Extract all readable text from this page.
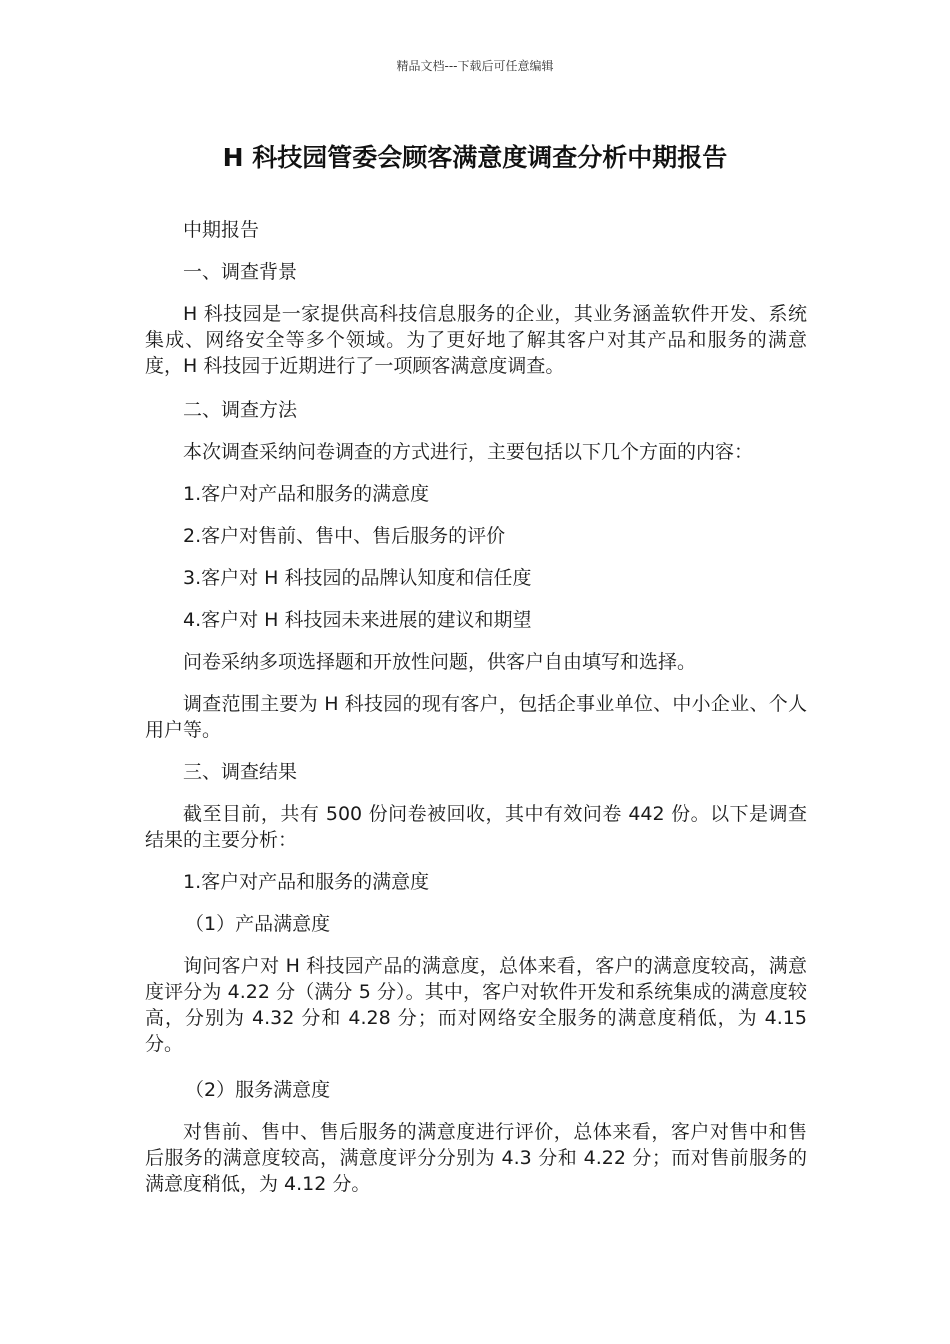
精品文档---下载后可任意编辑
H 科技园管委会顾客满意度调查分析中期报告

中期报告

一、调查背景

H 科技园是一家提供高科技信息服务的企业，其业务涵盖软件开发、系统集成、网络安全等多个领域。为了更好地了解其客户对其产品和服务的满意度，H 科技园于近期进行了一项顾客满意度调查。

二、调查方法

本次调查采纳问卷调查的方式进行，主要包括以下几个方面的内容：

1.客户对产品和服务的满意度

2.客户对售前、售中、售后服务的评价

3.客户对 H 科技园的品牌认知度和信任度

4.客户对 H 科技园未来进展的建议和期望

问卷采纳多项选择题和开放性问题，供客户自由填写和选择。

调查范围主要为 H 科技园的现有客户，包括企事业单位、中小企业、个人用户等。

三、调查结果

截至目前，共有 500 份问卷被回收，其中有效问卷 442 份。以下是调查结果的主要分析：

1.客户对产品和服务的满意度

（1）产品满意度

询问客户对 H 科技园产品的满意度，总体来看，客户的满意度较高，满意度评分为 4.22 分（满分 5 分）。其中，客户对软件开发和系统集成的满意度较高，分别为 4.32 分和 4.28 分；而对网络安全服务的满意度稍低，为 4.15 分。

（2）服务满意度

对售前、售中、售后服务的满意度进行评价，总体来看，客户对售中和售后服务的满意度较高，满意度评分分别为 4.3 分和 4.22 分；而对售前服务的满意度稍低，为 4.12 分。
